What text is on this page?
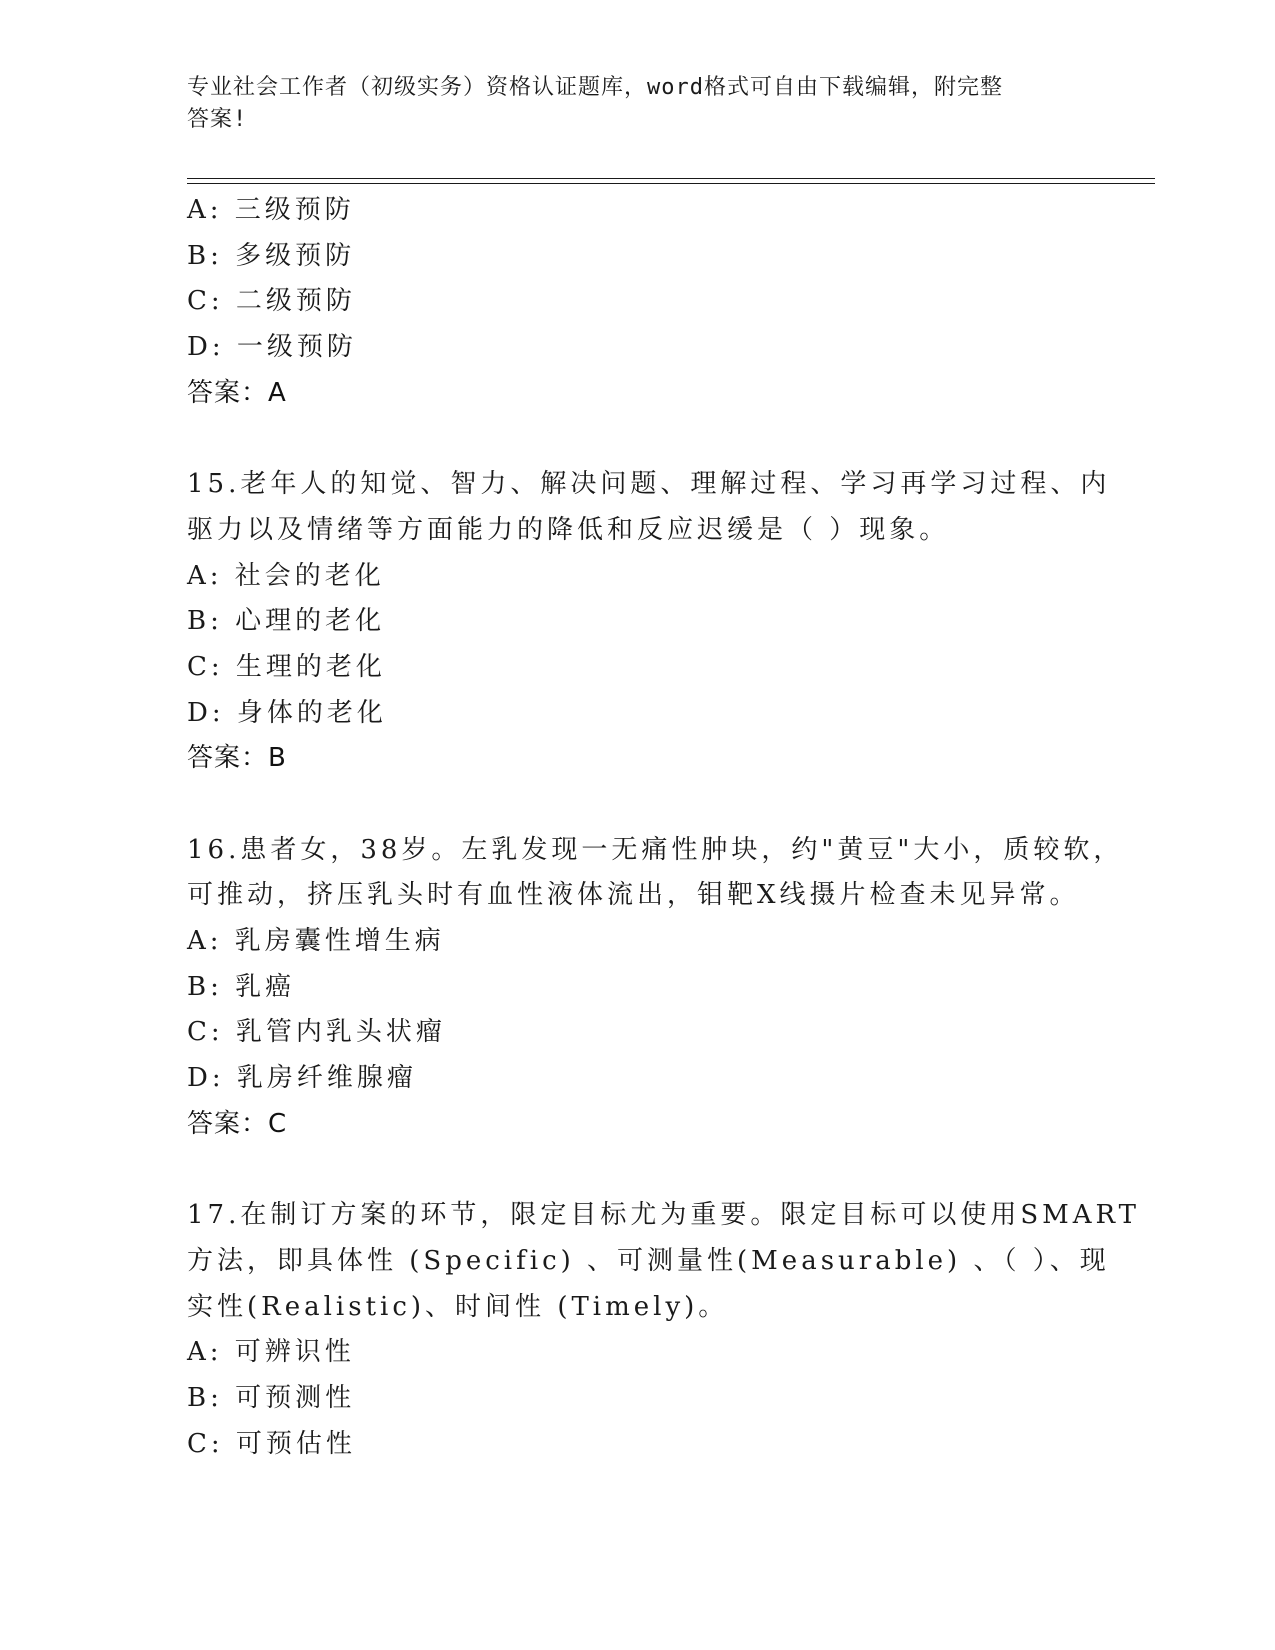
专业社会工作者（初级实务）资格认证题库，word格式可自由下载编辑，附完整
答案!
A: 三级预防
B: 多级预防
C: 二级预防
D: 一级预防
答案：A
15.老年人的知觉、智力、解决问题、理解过程、学习再学习过程、内
驱力以及情绪等方面能力的降低和反应迟缓是（ ）现象。
A: 社会的老化
B: 心理的老化
C: 生理的老化
D: 身体的老化
答案：B
16.患者女，38岁。左乳发现一无痛性肿块，约"黄豆"大小，质较软，
可推动，挤压乳头时有血性液体流出，钼靶X线摄片检查未见异常。
A: 乳房囊性增生病
B: 乳癌
C: 乳管内乳头状瘤
D: 乳房纤维腺瘤
答案：C
17.在制订方案的环节，限定目标尤为重要。限定目标可以使用SMART
方法，即具体性 (Specific) 、可测量性(Measurable) 、（ ）、现
实性(Realistic)、时间性 (Timely)。
A: 可辨识性
B: 可预测性
C: 可预估性
